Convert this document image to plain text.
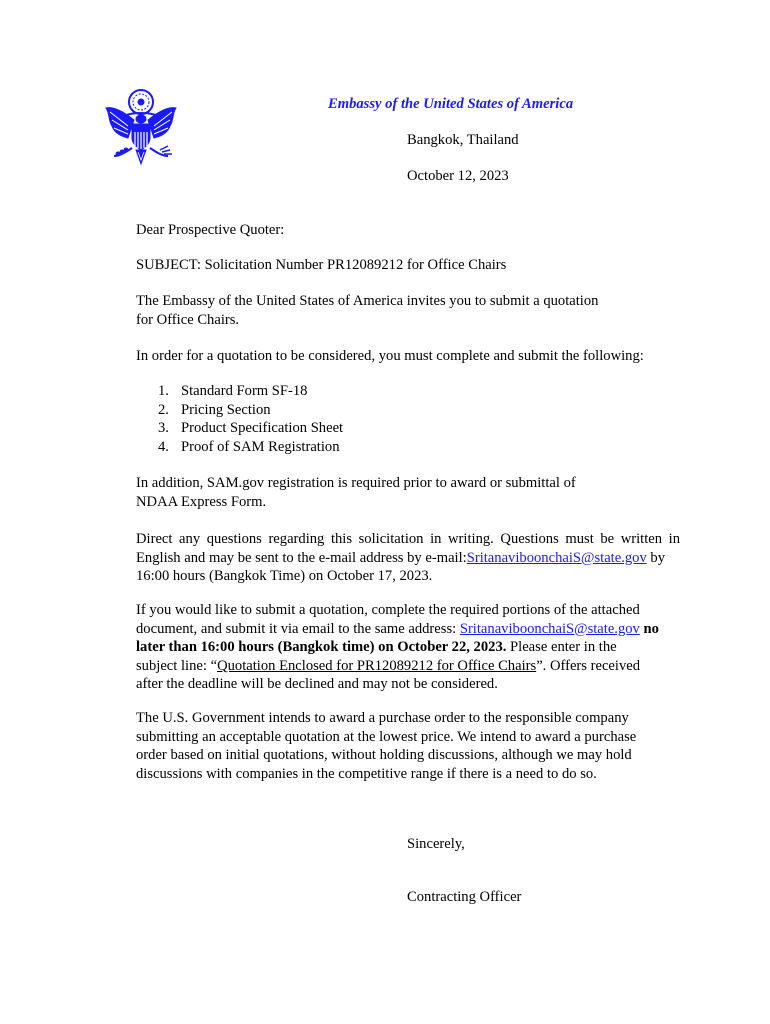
Embassy of the United States of America
Bangkok, Thailand
October 12, 2023
Dear Prospective Quoter:
SUBJECT: Solicitation Number PR12089212 for Office Chairs
The Embassy of the United States of America invites you to submit a quotation
for Office Chairs.
In order for a quotation to be considered, you must complete and submit the following:
1. Standard Form SF-18
2. Pricing Section
3. Product Specification Sheet
4. Proof of SAM Registration
In addition, SAM.gov registration is required prior to award or submittal of
NDAA Express Form.
Direct any questions regarding this solicitation in writing. Questions must be written in
English and may be sent to the e-mail address by e-mail:SritanaviboonchaiS@state.gov by
16:00 hours (Bangkok Time) on October 17, 2023.
If you would like to submit a quotation, complete the required portions of the attached
document, and submit it via email to the same address: SritanaviboonchaiS@state.gov no
later than 16:00 hours (Bangkok time) on October 22, 2023. Please enter in the
subject line: “Quotation Enclosed for PR12089212 for Office Chairs”. Offers received
after the deadline will be declined and may not be considered.
The U.S. Government intends to award a purchase order to the responsible company
submitting an acceptable quotation at the lowest price. We intend to award a purchase
order based on initial quotations, without holding discussions, although we may hold
discussions with companies in the competitive range if there is a need to do so.
Sincerely,
Contracting Officer
